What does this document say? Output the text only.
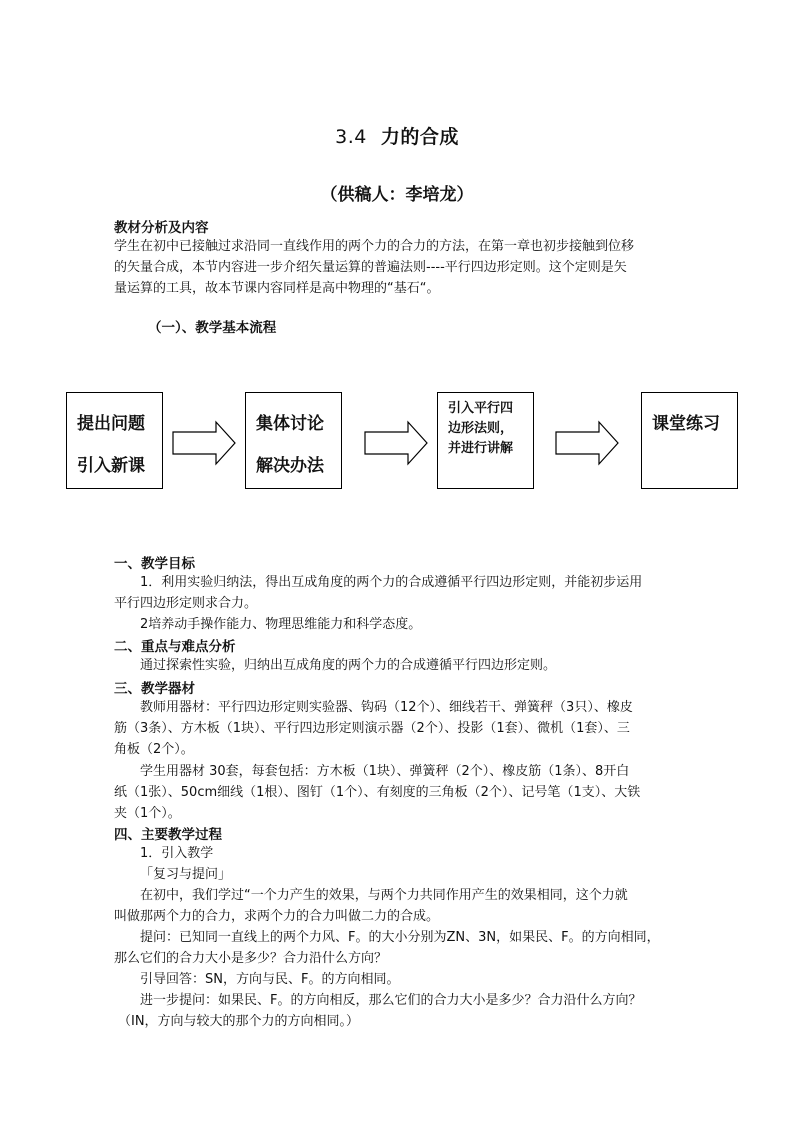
3.4 力的合成
（供稿人：李培龙）
教材分析及内容
学生在初中已接触过求沿同一直线作用的两个力的合力的方法，在第一章也初步接触到位移
的矢量合成，本节内容进一步介绍矢量运算的普遍法则----平行四边形定则。这个定则是矢
量运算的工具，故本节课内容同样是高中物理的“基石“。
（一）、教学基本流程
提出问题
引入新课
集体讨论
解决办法
引入平行四
边形法则，
并进行讲解
课堂练习
一、教学目标
1．利用实验归纳法，得出互成角度的两个力的合成遵循平行四边形定则，并能初步运用
平行四边形定则求合力。
2培养动手操作能力、物理思维能力和科学态度。
二、重点与难点分析
通过探索性实验，归纳出互成角度的两个力的合成遵循平行四边形定则。
三、教学器材
教师用器材：平行四边形定则实验器、钩码（12个）、细线若干、弹簧秤（3只）、橡皮
筋（3条）、方木板（1块）、平行四边形定则演示器（2个）、投影（1套）、微机（1套）、三
角板（2个）。
学生用器材 30套，每套包括：方木板（1块）、弹簧秤（2个）、橡皮筋（1条）、8开白
纸（1张）、50cm细线（1根）、图钉（1个）、有刻度的三角板（2个）、记号笔（1支）、大铁
夹（1个）。
四、主要教学过程
1．引入教学
「复习与提问」
在初中，我们学过“一个力产生的效果，与两个力共同作用产生的效果相同，这个力就
叫做那两个力的合力，求两个力的合力叫做二力的合成。
提问：已知同一直线上的两个力风、F。的大小分别为ZN、3N，如果民、F。的方向相同，
那么它们的合力大小是多少？合力沿什么方向？
引导回答：SN，方向与民、F。的方向相同。
进一步提问：如果民、F。的方向相反，那么它们的合力大小是多少？合力沿什么方向？
（IN，方向与较大的那个力的方向相同。）
